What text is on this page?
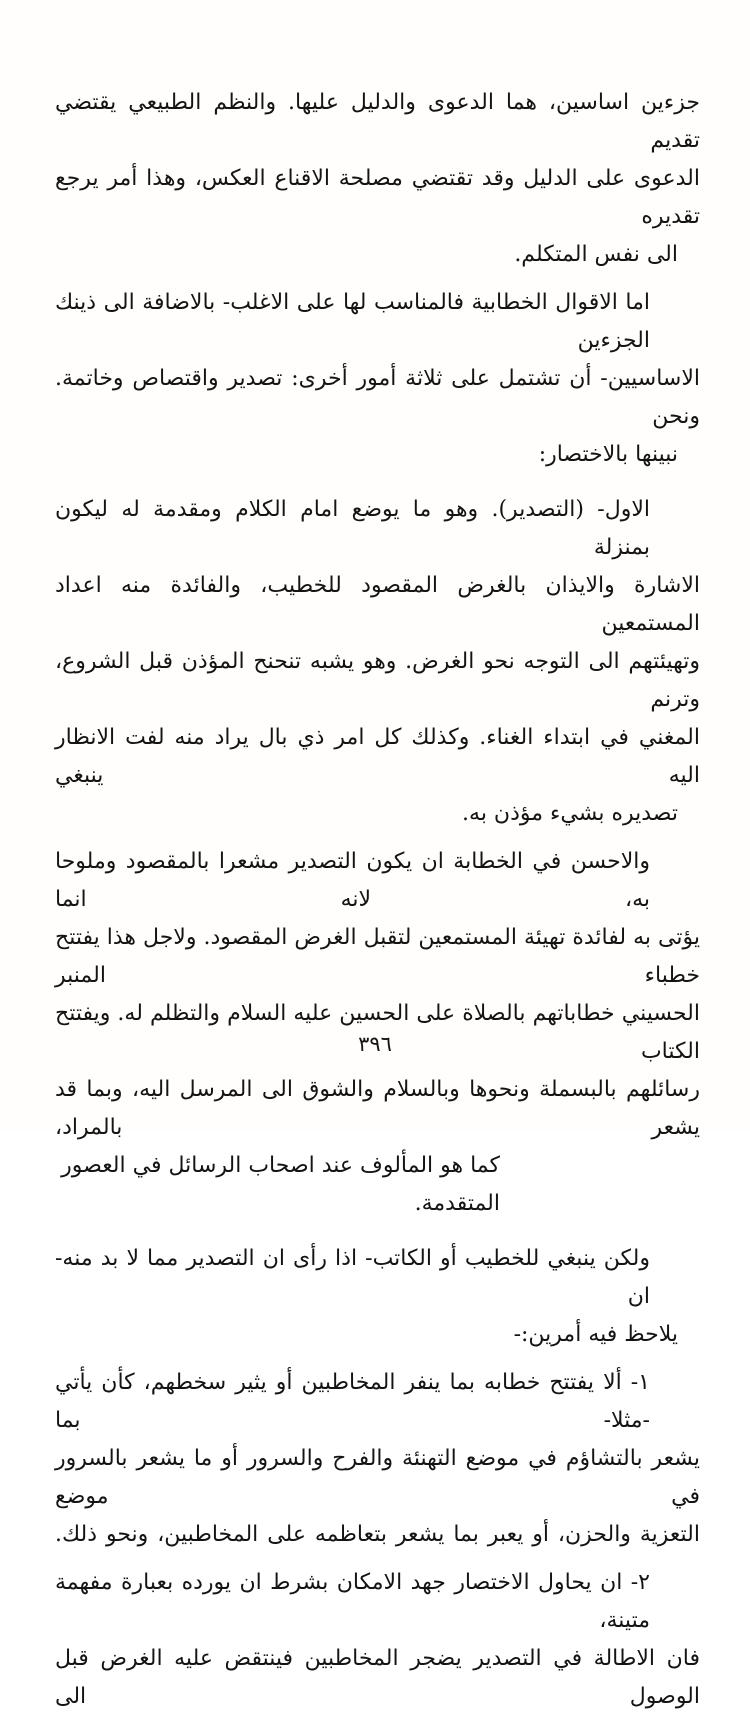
جزءين اساسين، هما الدعوى والدليل عليها. والنظم الطبيعي يقتضي تقديم
الدعوى على الدليل وقد تقتضي مصلحة الاقناع العكس، وهذا أمر يرجع تقديره
الى نفس المتكلم.

اما الاقوال الخطابية فالمناسب لها على الاغلب- بالاضافة الى ذينك الجزءين
الاساسيين- أن تشتمل على ثلاثة أمور أخرى: تصدير واقتصاص وخاتمة. ونحن
نبينها بالاختصار:

الاول- (التصدير). وهو ما يوضع امام الكلام ومقدمة له ليكون بمنزلة
الاشارة والايذان بالغرض المقصود للخطيب، والفائدة منه اعداد المستمعين
وتهيئتهم الى التوجه نحو الغرض. وهو يشبه تنحنح المؤذن قبل الشروع، وترنم
المغني في ابتداء الغناء. وكذلك كل امر ذي بال يراد منه لفت الانظار اليه ينبغي
تصديره بشيء مؤذن به.

والاحسن في الخطابة ان يكون التصدير مشعرا بالمقصود وملوحا به، لانه انما
يؤتى به لفائدة تهيئة المستمعين لتقبل الغرض المقصود. ولاجل هذا يفتتح خطباء المنبر
الحسيني خطاباتهم بالصلاة على الحسين عليه السلام والتظلم له. ويفتتح الكتاب
رسائلهم بالبسملة ونحوها وبالسلام والشوق الى المرسل اليه، وبما قد يشعر بالمراد،
كما هو المألوف عند اصحاب الرسائل في العصور المتقدمة.

ولكن ينبغي للخطيب أو الكاتب- اذا رأى ان التصدير مما لا بد منه- ان
يلاحظ فيه أمرين:-

١- ألا يفتتح خطابه بما ينفر المخاطبين أو يثير سخطهم، كأن يأتي -مثلا- بما
يشعر بالتشاؤم في موضع التهنئة والفرح والسرور أو ما يشعر بالسرور في موضع
التعزية والحزن، أو يعبر بما يشعر بتعاظمه على المخاطبين، ونحو ذلك.

٢- ان يحاول الاختصار جهد الامكان بشرط ان يورده بعبارة مفهمة متينة،
فان الاطالة في التصدير يضجر المخاطبين فينتقض عليه الغرض قبل الوصول الى

٣٩٦
